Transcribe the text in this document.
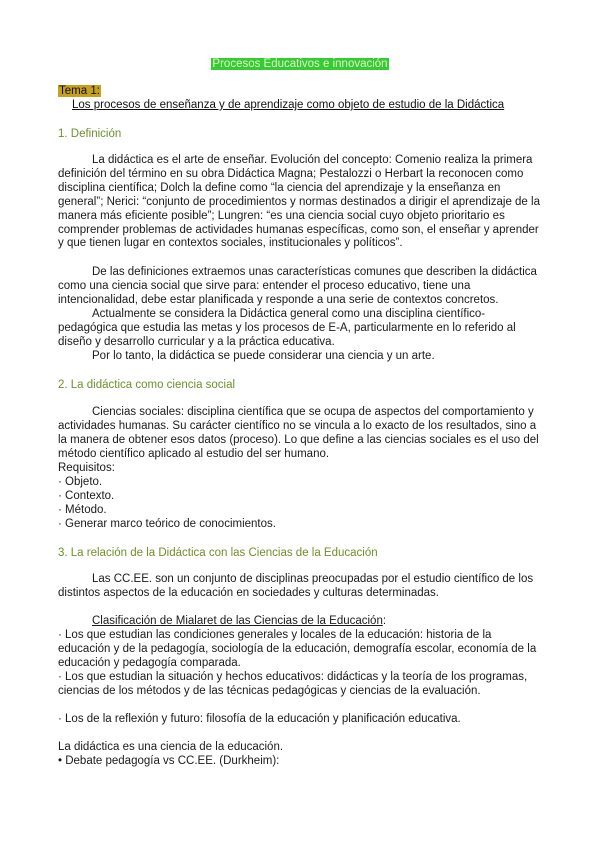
Procesos Educativos e innovación
Tema 1:
Los procesos de enseñanza y de aprendizaje como objeto de estudio de la Didáctica
1. Definición

La didáctica es el arte de enseñar. Evolución del concepto: Comenio realiza la primera definición del término en su obra Didáctica Magna; Pestalozzi o Herbart la reconocen como disciplina científica; Dolch la define como “la ciencia del aprendizaje y la enseñanza en general”; Nerici: “conjunto de procedimientos y normas destinados a dirigir el aprendizaje de la manera más eficiente posible”; Lungren: “es una ciencia social cuyo objeto prioritario es comprender problemas de actividades humanas específicas, como son, el enseñar y aprender y que tienen lugar en contextos sociales, institucionales y políticos”.

De las definiciones extraemos unas características comunes que describen la didáctica como una ciencia social que sirve para: entender el proceso educativo, tiene una intencionalidad, debe estar planificada y responde a una serie de contextos concretos.

Actualmente se considera la Didáctica general como una disciplina científico-pedagógica que estudia las metas y los procesos de E-A, particularmente en lo referido al diseño y desarrollo curricular y a la práctica educativa.

Por lo tanto, la didáctica se puede considerar una ciencia y un arte.

2. La didáctica como ciencia social

Ciencias sociales: disciplina científica que se ocupa de aspectos del comportamiento y actividades humanas. Su carácter científico no se vincula a lo exacto de los resultados, sino a la manera de obtener esos datos (proceso). Lo que define a las ciencias sociales es el uso del método científico aplicado al estudio del ser humano.

Requisitos:
· Objeto.
· Contexto.
· Método.
· Generar marco teórico de conocimientos.
3. La relación de la Didáctica con las Ciencias de la Educación

Las CC.EE. son un conjunto de disciplinas preocupadas por el estudio científico de los distintos aspectos de la educación en sociedades y culturas determinadas.

Clasificación de Mialaret de las Ciencias de la Educación:

· Los que estudian las condiciones generales y locales de la educación: historia de la educación y de la pedagogía, sociología de la educación, demografía escolar, economía de la educación y pedagogía comparada.

· Los que estudian la situación y hechos educativos: didácticas y la teoría de los programas, ciencias de los métodos y de las técnicas pedagógicas y ciencias de la evaluación.

· Los de la reflexión y futuro: filosofía de la educación y planificación educativa.

La didáctica es una ciencia de la educación.
• Debate pedagogía vs CC.EE. (Durkheim):
